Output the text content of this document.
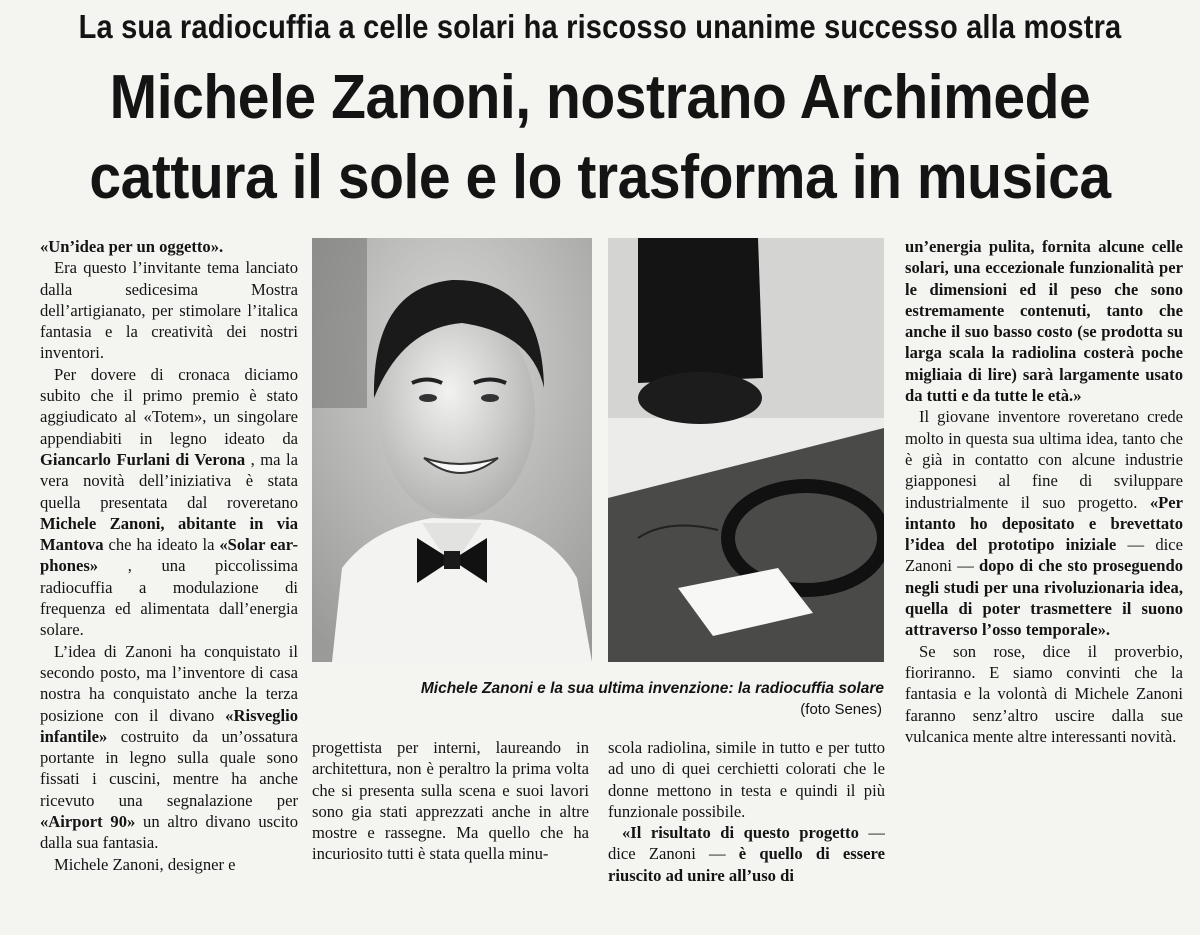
La sua radiocuffia a celle solari ha riscosso unanime successo alla mostra
Michele Zanoni, nostrano Archimede
cattura il sole e lo trasforma in musica

«Un’idea per un oggetto».

Era questo l’invitante tema lanciato dalla sedicesima Mostra dell’artigianato, per stimolare l’italica fantasia e la creatività dei nostri inventori.

Per dovere di cronaca diciamo subito che il primo premio è stato aggiudicato al «Totem», un singolare appendiabiti in legno ideato da Giancarlo Furlani di Verona , ma la vera novità dell’iniziativa è stata quella presentata dal roveretano Michele Zanoni, abitante in via Mantova che ha ideato la «Solar ear-phones» , una piccolissima radiocuffia a modulazione di frequenza ed alimentata dall’energia solare.

L’idea di Zanoni ha conquistato il secondo posto, ma l’inventore di casa nostra ha conquistato anche la terza posizione con il divano «Risveglio infantile» costruito da un’ossatura portante in legno sulla quale sono fissati i cuscini, mentre ha anche ricevuto una segnalazione per «Airport 90» un altro divano uscito dalla sua fantasia.

Michele Zanoni, designer e

Michele Zanoni e la sua ultima invenzione: la radiocuffia solare
(foto Senes)

progettista per interni, laureando in architettura, non è peraltro la prima volta che si presenta sulla scena e suoi lavori sono gia stati apprezzati anche in altre mostre e rassegne. Ma quello che ha incuriosito tutti è stata quella minu-

scola radiolina, simile in tutto e per tutto ad uno di quei cerchietti colorati che le donne mettono in testa e quindi il più funzionale possibile.

«Il risultato di questo progetto — dice Zanoni — è quello di essere riuscito ad unire all’uso di

un’energia pulita, fornita alcune celle solari, una eccezionale funzionalità per le dimensioni ed il peso che sono estremamente contenuti, tanto che anche il suo basso costo (se prodotta su larga scala la radiolina costerà poche migliaia di lire) sarà largamente usato da tutti e da tutte le età.»

Il giovane inventore roveretano crede molto in questa sua ultima idea, tanto che è già in contatto con alcune industrie giapponesi al fine di sviluppare industrialmente il suo progetto. «Per intanto ho depositato e brevettato l’idea del prototipo iniziale — dice Zanoni — dopo di che sto proseguendo negli studi per una rivoluzionaria idea, quella di poter trasmettere il suono attraverso l’osso temporale».

Se son rose, dice il proverbio, fioriranno. E siamo convinti che la fantasia e la volontà di Michele Zanoni faranno senz’altro uscire dalla sue vulcanica mente altre interessanti novità.
